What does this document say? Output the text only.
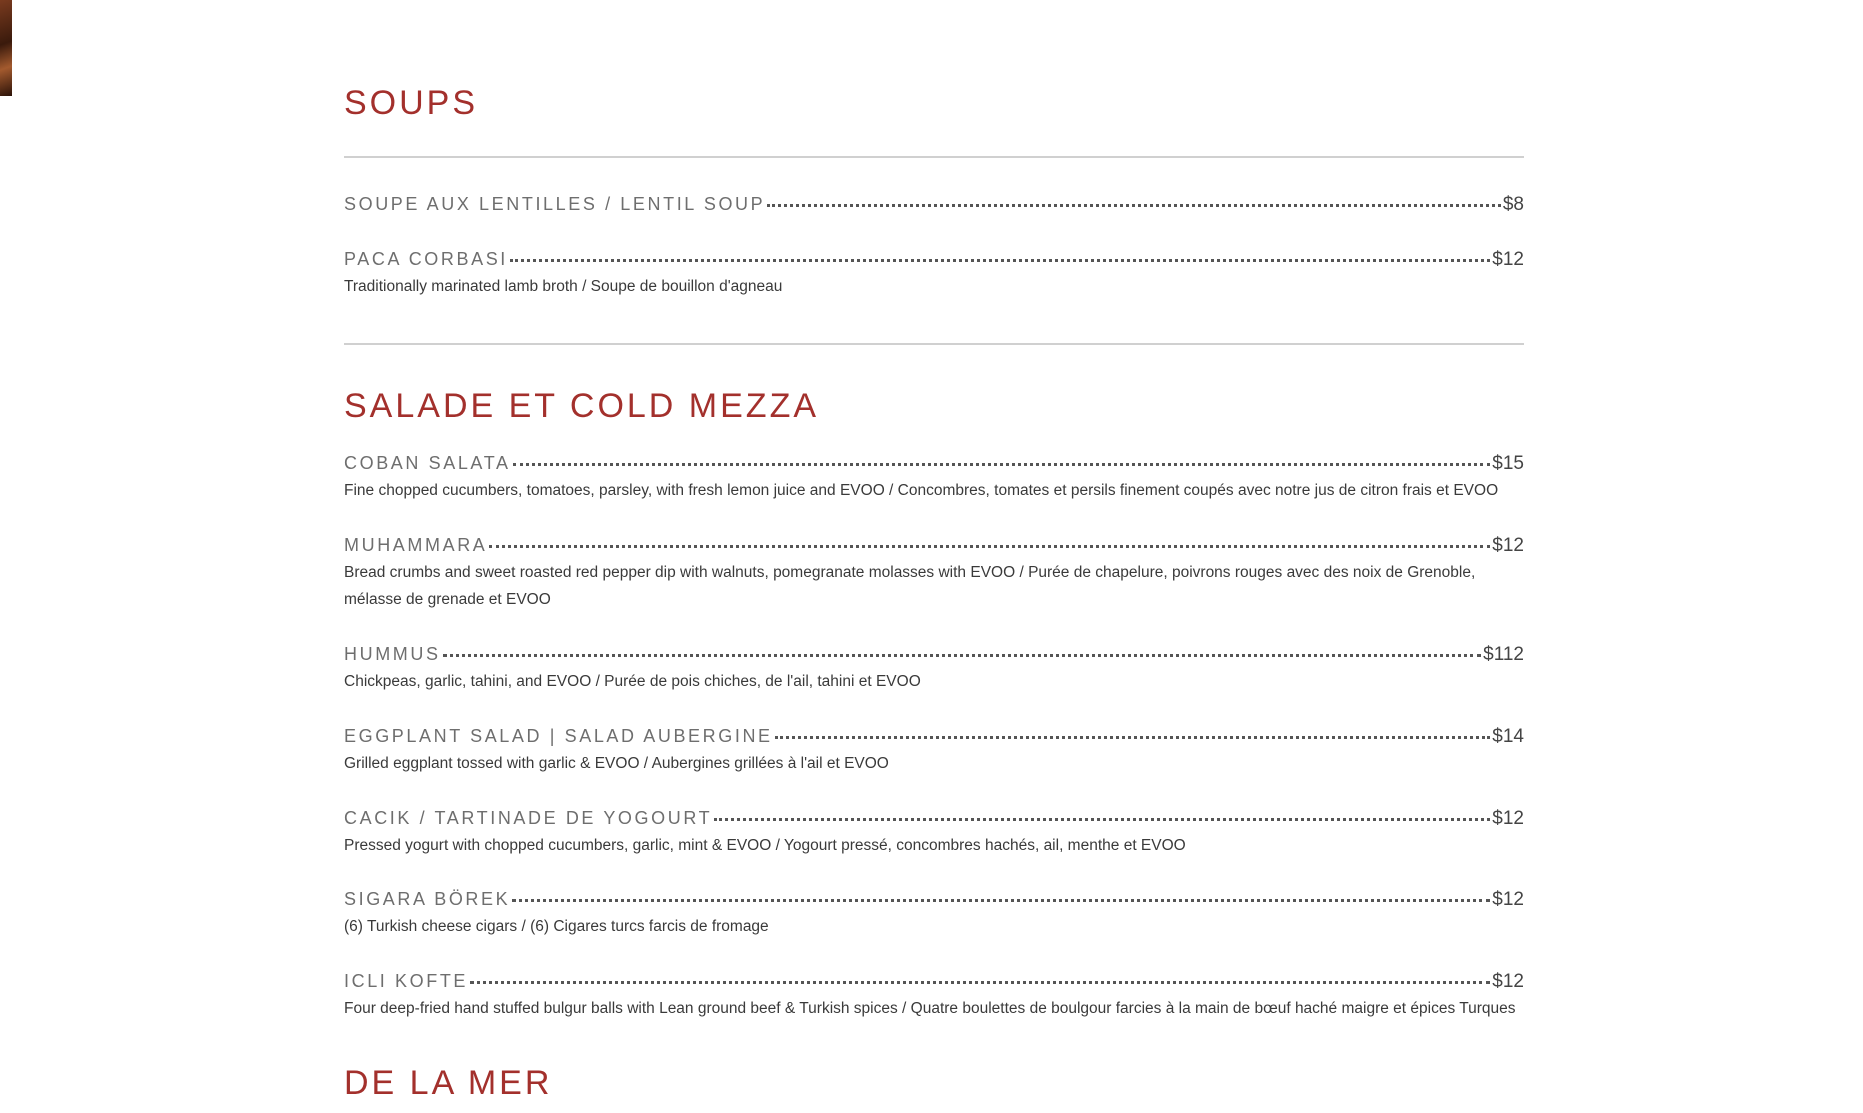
SOUPS
SOUPE AUX LENTILLES / LENTIL SOUP	$8
PACA CORBASI	$12
Traditionally marinated lamb broth / Soupe de bouillon d'agneau
SALADE ET COLD MEZZA
COBAN SALATA	$15
Fine chopped cucumbers, tomatoes, parsley, with fresh lemon juice and EVOO / Concombres, tomates et persils finement coupés avec notre jus de citron frais et EVOO
MUHAMMARA	$12
Bread crumbs and sweet roasted red pepper dip with walnuts, pomegranate molasses with EVOO / Purée de chapelure, poivrons rouges avec des noix de Grenoble, mélasse de grenade et EVOO
HUMMUS	$112
Chickpeas, garlic, tahini, and EVOO / Purée de pois chiches, de l'ail, tahini et EVOO
EGGPLANT SALAD | SALAD AUBERGINE	$14
Grilled eggplant tossed with garlic & EVOO / Aubergines grillées à l'ail et EVOO
CACIK / TARTINADE DE YOGOURT	$12
Pressed yogurt with chopped cucumbers, garlic, mint & EVOO / Yogourt pressé, concombres hachés, ail, menthe et EVOO
SIGARA BÖREK	$12
(6) Turkish cheese cigars / (6) Cigares turcs farcis de fromage
ICLI KOFTE	$12
Four deep-fried hand stuffed bulgur balls with Lean ground beef & Turkish spices / Quatre boulettes de boulgour farcies à la main de bœuf haché maigre et épices Turques
DE LA MER
